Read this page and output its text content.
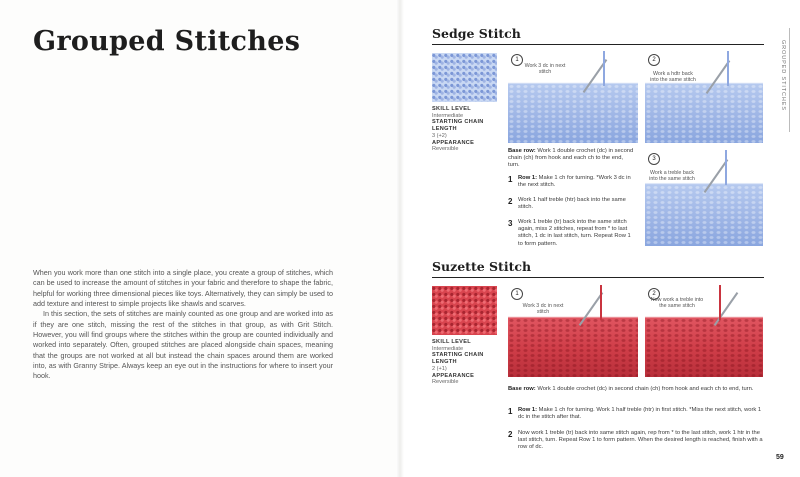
Grouped Stitches

When you work more than one stitch into a single place, you create a group of stitches, which can be used to increase the amount of stitches in your fabric and therefore to shape the fabric, helpful for working three dimensional pieces like toys. Alternatively, they can simply be used to add texture and interest to simple projects like shawls and scarves.

In this section, the sets of stitches are mainly counted as one group and are worked into as if they are one stitch, missing the rest of the stitches in that group, as with Grit Stitch. However, you will find groups where the stitches within the group are counted individually and worked into separately. Often, grouped stitches are placed alongside chain spaces, meaning that the groups are not worked at all but instead the chain spaces around them are worked into, as with Granny Stripe. Always keep an eye out in the instructions for where to insert your hook.

GROUPED STITCHES
Sedge Stitch
SKILL LEVEL
Intermediate
STARTING CHAIN
LENGTH
3 (+2)
APPEARANCE
Reversible
1
Work 3 dc in next stitch
2
Work a hdtr back into the same stitch
3
Work a treble back into the same stitch
Base row: Work 1 double crochet (dc) in second chain (ch) from hook and each ch to the end, turn.
1 Row 1: Make 1 ch for turning. *Work 3 dc in the next stitch.
2 Work 1 half treble (htr) back into the same stitch.
3 Work 1 treble (tr) back into the same stitch again, miss 2 stitches, repeat from * to last stitch, 1 dc in last stitch, turn. Repeat Row 1 to form pattern.
Suzette Stitch
SKILL LEVEL
Intermediate
STARTING CHAIN
LENGTH
2 (+1)
APPEARANCE
Reversible
1
Work 3 dc in next stitch
2
Now work a treble into the same stitch
Base row: Work 1 double crochet (dc) in second chain (ch) from hook and each ch to end, turn.
1 Row 1: Make 1 ch for turning. Work 1 half treble (htr) in first stitch. *Miss the next stitch, work 1 dc in the stitch after that.
2 Now work 1 treble (tr) back into same stitch again, rep from * to the last stitch, work 1 htr in the last stitch, turn. Repeat Row 1 to form pattern. When the desired length is reached, finish with a row of dc.
59
